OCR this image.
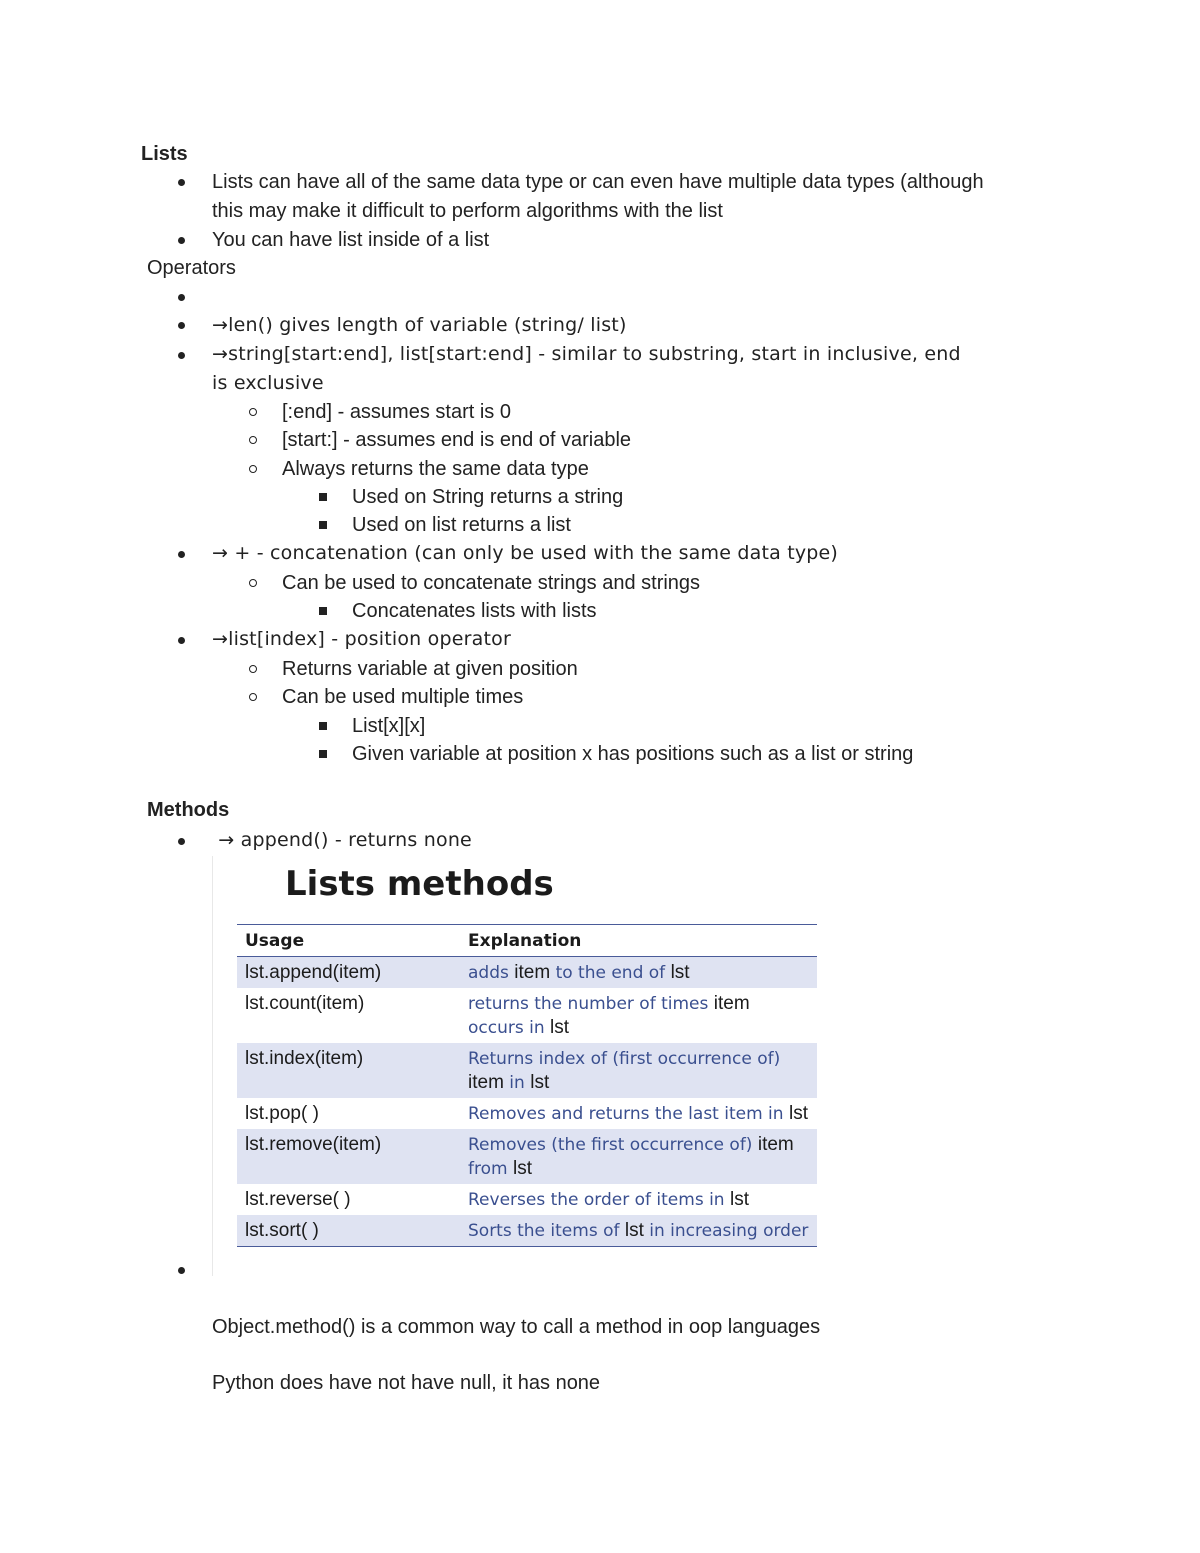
Lists
Lists can have all of the same data type or can even have multiple data types (although
this may make it difficult to perform algorithms with the list
You can have list inside of a list
Operators
→len() gives length of variable (string/ list)
→string[start:end], list[start:end] - similar to substring, start in inclusive, end
is exclusive
[:end] - assumes start is 0
[start:] - assumes end is end of variable
Always returns the same data type
Used on String returns a string
Used on list returns a list
→ + - concatenation (can only be used with the same data type)
Can be used to concatenate strings and strings
Concatenates lists with lists
→list[index] - position operator
Returns variable at given position
Can be used multiple times
List[x][x]
Given variable at position x has positions such as a list or string
Methods
→ append() - returns none
Lists methods
Usage	Explanation
lst.append(item)	adds item to the end of lst
lst.count(item)	returns the number of times item occurs in lst
lst.index(item)	Returns index of (first occurrence of) item in lst
lst.pop( )	Removes and returns the last item in lst
lst.remove(item)	Removes (the first occurrence of) item from lst
lst.reverse( )	Reverses the order of items in lst
lst.sort( )	Sorts the items of lst in increasing order
Object.method() is a common way to call a method in oop languages
Python does have not have null, it has none
